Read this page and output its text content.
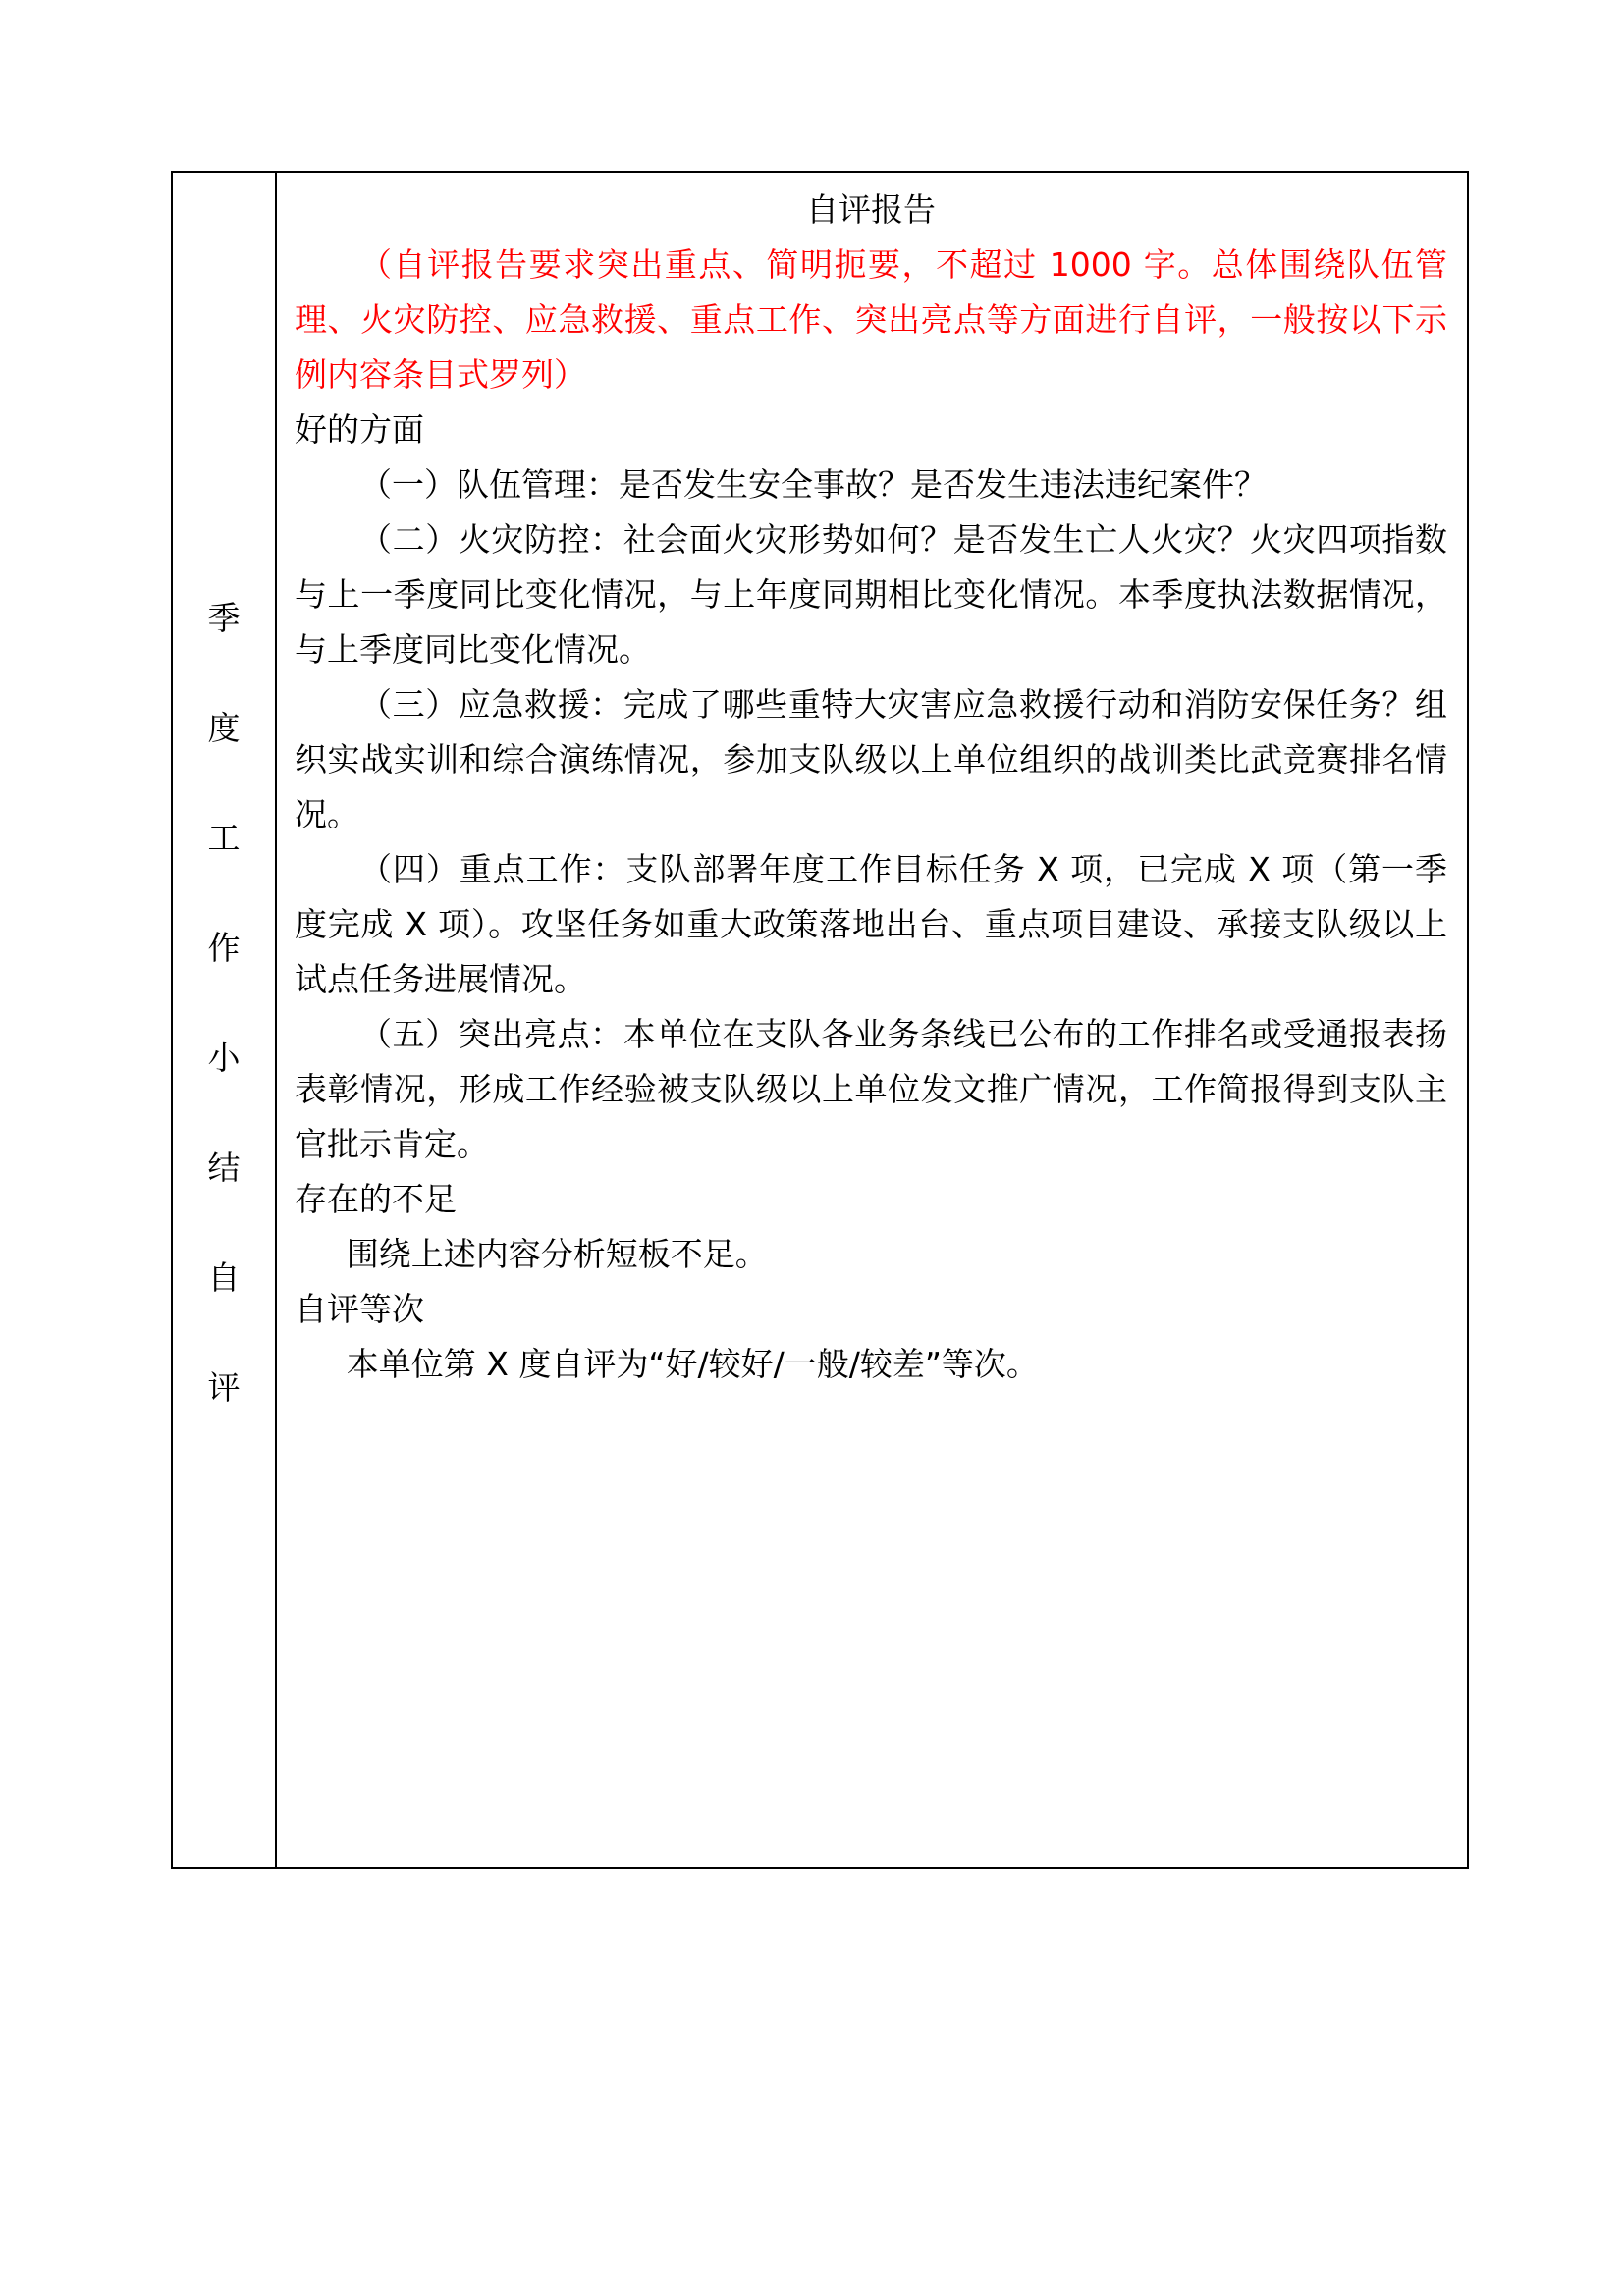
季
度
工
作
小
结
自
评

自评报告

（自评报告要求突出重点、简明扼要，不超过 1000 字。总体围绕队伍管理、火灾防控、应急救援、重点工作、突出亮点等方面进行自评，一般按以下示例内容条目式罗列）

好的方面

（一）队伍管理：是否发生安全事故？是否发生违法违纪案件？

（二）火灾防控：社会面火灾形势如何？是否发生亡人火灾？火灾四项指数与上一季度同比变化情况，与上年度同期相比变化情况。本季度执法数据情况，与上季度同比变化情况。

（三）应急救援：完成了哪些重特大灾害应急救援行动和消防安保任务？组织实战实训和综合演练情况，参加支队级以上单位组织的战训类比武竞赛排名情况。

（四）重点工作：支队部署年度工作目标任务 X 项，已完成 X 项（第一季度完成 X 项）。攻坚任务如重大政策落地出台、重点项目建设、承接支队级以上试点任务进展情况。

（五）突出亮点：本单位在支队各业务条线已公布的工作排名或受通报表扬表彰情况，形成工作经验被支队级以上单位发文推广情况，工作简报得到支队主官批示肯定。

存在的不足

围绕上述内容分析短板不足。

自评等次

本单位第 X 度自评为“好/较好/一般/较差”等次。
